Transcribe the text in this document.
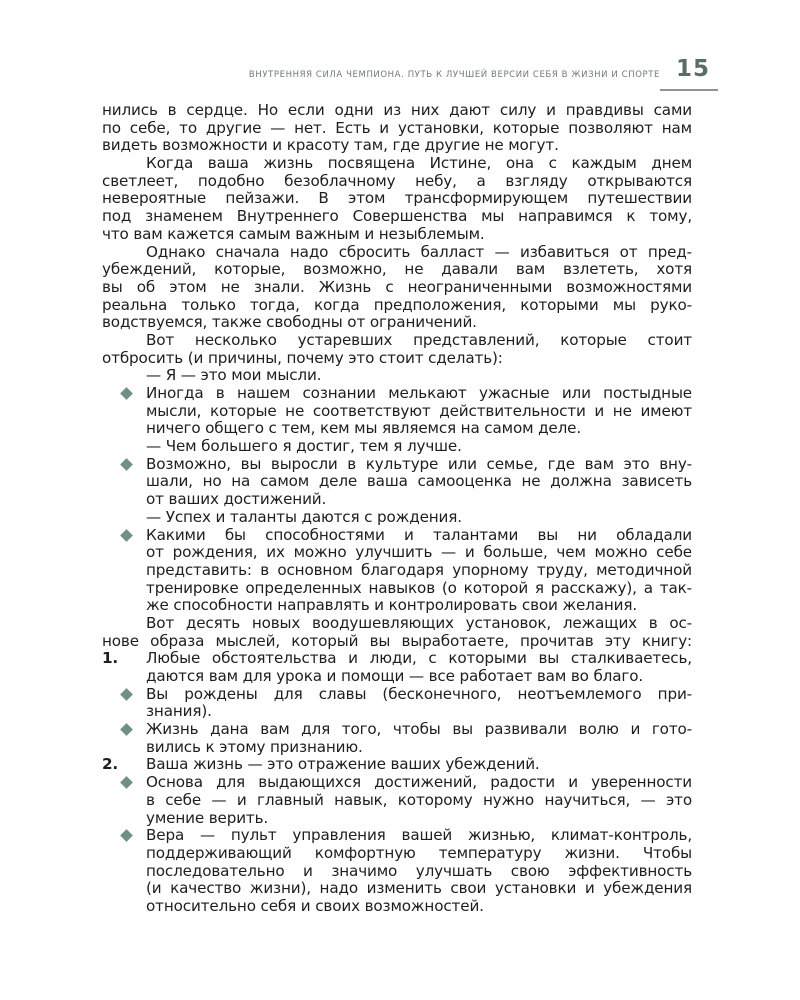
ВНУТРЕННЯЯ СИЛА ЧЕМПИОНА. ПУТЬ К ЛУЧШЕЙ ВЕРСИИ СЕБЯ В ЖИЗНИ И СПОРТЕ 15
нились в сердце. Но если одни из них дают силу и правдивы сами
по себе, то другие — нет. Есть и установки, которые позволяют нам
видеть возможности и красоту там, где другие не могут.
Когда ваша жизнь посвящена Истине, она с каждым днем
светлеет, подобно безоблачному небу, а взгляду открываются
невероятные пейзажи. В этом трансформирующем путешествии
под знаменем Внутреннего Совершенства мы направимся к тому,
что вам кажется самым важным и незыблемым.
Однако сначала надо сбросить балласт — избавиться от пред-
убеждений, которые, возможно, не давали вам взлететь, хотя
вы об этом не знали. Жизнь с неограниченными возможностями
реальна только тогда, когда предположения, которыми мы руко-
водствуемся, также свободны от ограничений.
Вот несколько устаревших представлений, которые стоит
отбросить (и причины, почему это стоит сделать):
— Я — это мои мысли.
Иногда в нашем сознании мелькают ужасные или постыдные
мысли, которые не соответствуют действительности и не имеют
ничего общего с тем, кем мы являемся на самом деле.
— Чем большего я достиг, тем я лучше.
Возможно, вы выросли в культуре или семье, где вам это вну-
шали, но на самом деле ваша самооценка не должна зависеть
от ваших достижений.
— Успех и таланты даются с рождения.
Какими бы способностями и талантами вы ни обладали
от рождения, их можно улучшить — и больше, чем можно себе
представить: в основном благодаря упорному труду, методичной
тренировке определенных навыков (о которой я расскажу), а так-
же способности направлять и контролировать свои желания.
Вот десять новых воодушевляющих установок, лежащих в ос-
нове образа мыслей, который вы выработаете, прочитав эту книгу:
1. Любые обстоятельства и люди, с которыми вы сталкиваетесь,
даются вам для урока и помощи — все работает вам во благо.
Вы рождены для славы (бесконечного, неотъемлемого при-
знания).
Жизнь дана вам для того, чтобы вы развивали волю и гото-
вились к этому признанию.
2. Ваша жизнь — это отражение ваших убеждений.
Основа для выдающихся достижений, радости и уверенности
в себе — и главный навык, которому нужно научиться, — это
умение верить.
Вера — пульт управления вашей жизнью, климат-контроль,
поддерживающий комфортную температуру жизни. Чтобы
последовательно и значимо улучшать свою эффективность
(и качество жизни), надо изменить свои установки и убеждения
относительно себя и своих возможностей.
